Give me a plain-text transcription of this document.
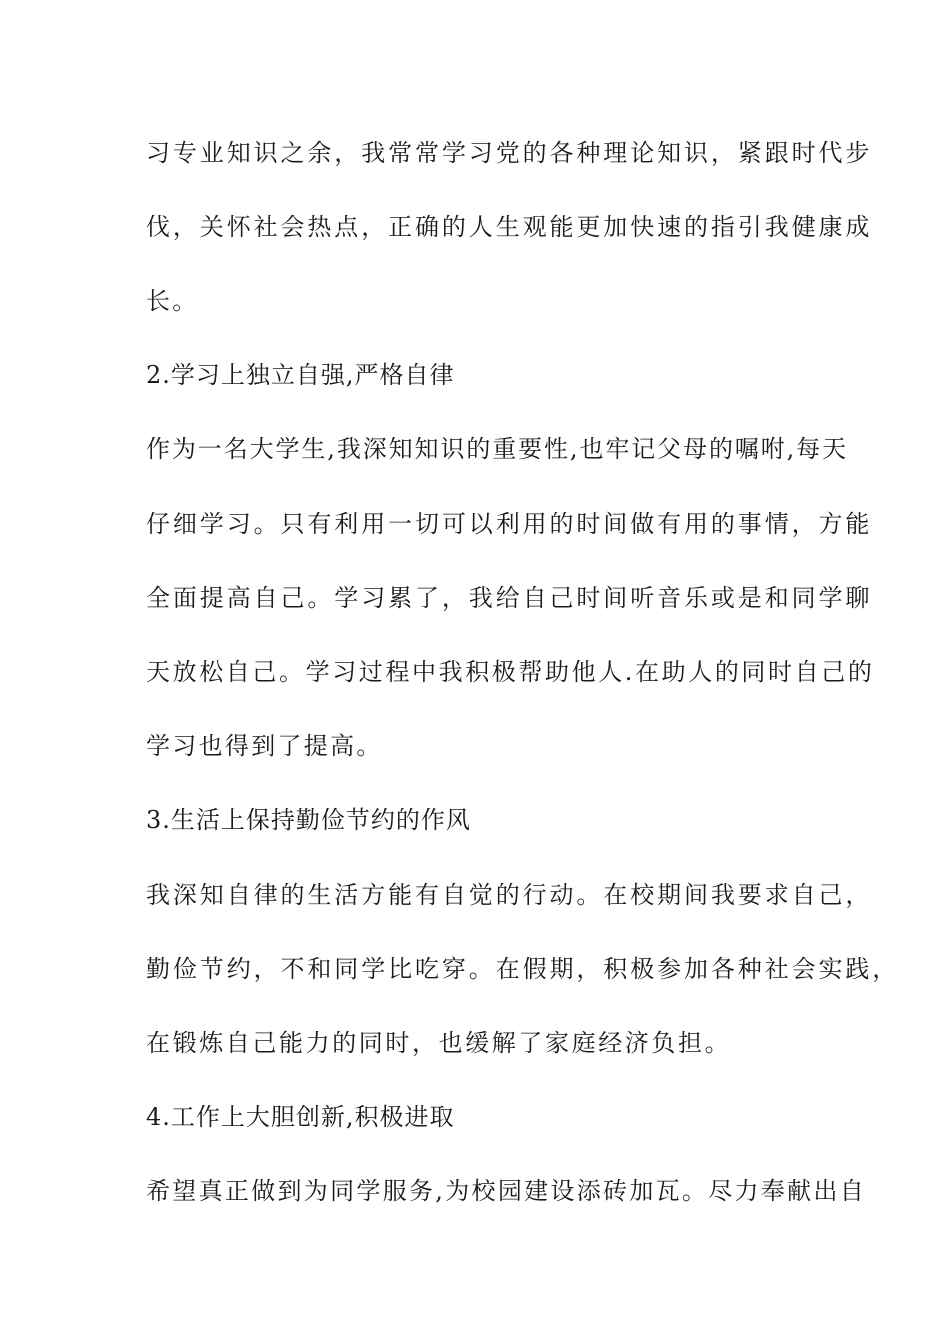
习专业知识之余，我常常学习党的各种理论知识，紧跟时代步
伐，关怀社会热点，正确的人生观能更加快速的指引我健康成
长。
2.学习上独立自强,严格自律
作为一名大学生,我深知知识的重要性,也牢记父母的嘱咐,每天
仔细学习。只有利用一切可以利用的时间做有用的事情，方能
全面提高自己。学习累了，我给自己时间听音乐或是和同学聊
天放松自己。学习过程中我积极帮助他人.在助人的同时自己的
学习也得到了提高。
3.生活上保持勤俭节约的作风
我深知自律的生活方能有自觉的行动。在校期间我要求自己，
勤俭节约，不和同学比吃穿。在假期，积极参加各种社会实践，
在锻炼自己能力的同时，也缓解了家庭经济负担。
4.工作上大胆创新,积极进取
希望真正做到为同学服务,为校园建设添砖加瓦。尽力奉献出自
